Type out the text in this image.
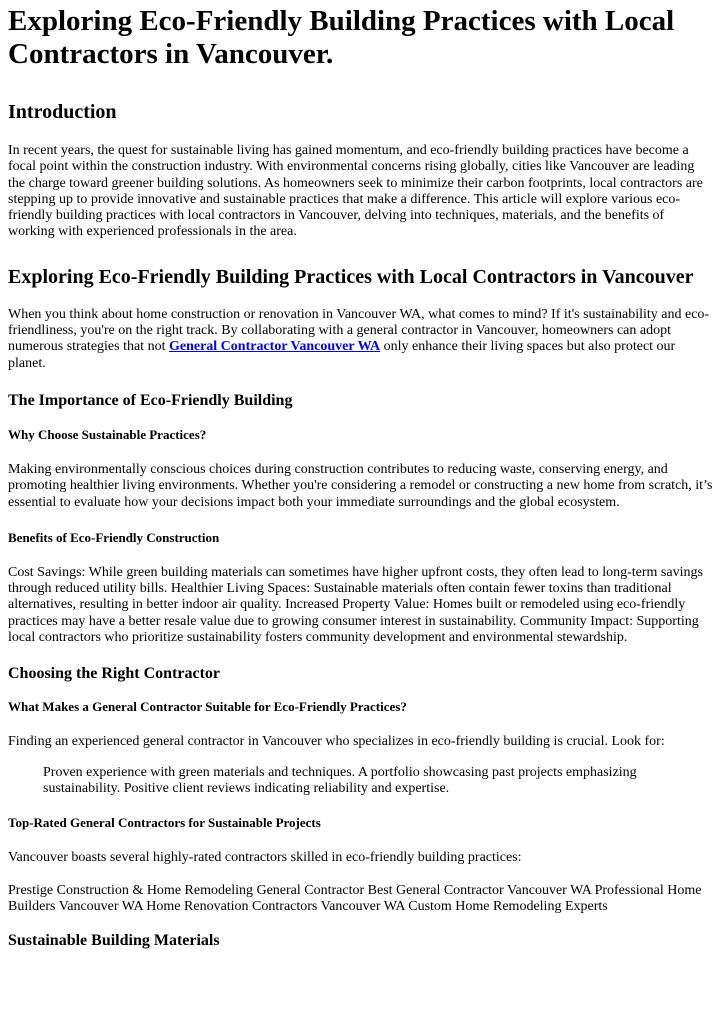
Exploring Eco-Friendly Building Practices with Local Contractors in Vancouver.
Introduction

In recent years, the quest for sustainable living has gained momentum, and eco-friendly building practices have become a focal point within the construction industry. With environmental concerns rising globally, cities like Vancouver are leading the charge toward greener building solutions. As homeowners seek to minimize their carbon footprints, local contractors are stepping up to provide innovative and sustainable practices that make a difference. This article will explore various eco-friendly building practices with local contractors in Vancouver, delving into techniques, materials, and the benefits of working with experienced professionals in the area.

Exploring Eco-Friendly Building Practices with Local Contractors in Vancouver

When you think about home construction or renovation in Vancouver WA, what comes to mind? If it's sustainability and eco-friendliness, you're on the right track. By collaborating with a general contractor in Vancouver, homeowners can adopt numerous strategies that not General Contractor Vancouver WA only enhance their living spaces but also protect our planet.

The Importance of Eco-Friendly Building
Why Choose Sustainable Practices?

Making environmentally conscious choices during construction contributes to reducing waste, conserving energy, and promoting healthier living environments. Whether you're considering a remodel or constructing a new home from scratch, it’s essential to evaluate how your decisions impact both your immediate surroundings and the global ecosystem.

Benefits of Eco-Friendly Construction

Cost Savings: While green building materials can sometimes have higher upfront costs, they often lead to long-term savings through reduced utility bills. Healthier Living Spaces: Sustainable materials often contain fewer toxins than traditional alternatives, resulting in better indoor air quality. Increased Property Value: Homes built or remodeled using eco-friendly practices may have a better resale value due to growing consumer interest in sustainability. Community Impact: Supporting local contractors who prioritize sustainability fosters community development and environmental stewardship.

Choosing the Right Contractor
What Makes a General Contractor Suitable for Eco-Friendly Practices?

Finding an experienced general contractor in Vancouver who specializes in eco-friendly building is crucial. Look for:

Proven experience with green materials and techniques. A portfolio showcasing past projects emphasizing sustainability. Positive client reviews indicating reliability and expertise.
Top-Rated General Contractors for Sustainable Projects

Vancouver boasts several highly-rated contractors skilled in eco-friendly building practices:

Prestige Construction & Home Remodeling General Contractor Best General Contractor Vancouver WA Professional Home Builders Vancouver WA Home Renovation Contractors Vancouver WA Custom Home Remodeling Experts

Sustainable Building Materials
